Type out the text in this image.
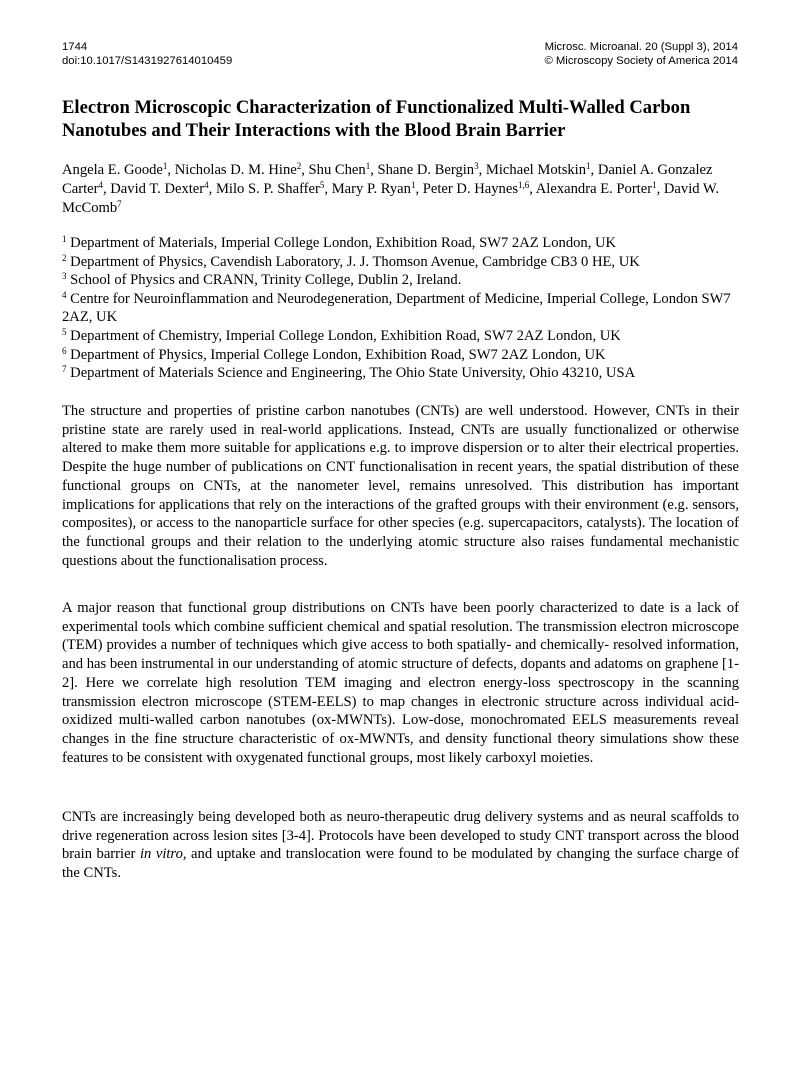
1744
doi:10.1017/S1431927614010459
Microsc. Microanal. 20 (Suppl 3), 2014
© Microscopy Society of America 2014
Electron Microscopic Characterization of Functionalized Multi-Walled Carbon Nanotubes and Their Interactions with the Blood Brain Barrier
Angela E. Goode$^1$, Nicholas D. M. Hine$^2$, Shu Chen$^1$, Shane D. Bergin$^3$, Michael Motskin$^1$, Daniel A. Gonzalez Carter$^4$, David T. Dexter$^4$, Milo S. P. Shaffer$^5$, Mary P. Ryan$^1$, Peter D. Haynes$^{1,6}$, Alexandra E. Porter$^1$, David W. McComb$^7$
$^1$ Department of Materials, Imperial College London, Exhibition Road, SW7 2AZ London, UK
$^2$ Department of Physics, Cavendish Laboratory, J. J. Thomson Avenue, Cambridge CB3 0 HE, UK
$^3$ School of Physics and CRANN, Trinity College, Dublin 2, Ireland.
$^4$ Centre for Neuroinflammation and Neurodegeneration, Department of Medicine, Imperial College, London SW7 2AZ, UK
$^5$ Department of Chemistry, Imperial College London, Exhibition Road, SW7 2AZ London, UK
$^6$ Department of Physics, Imperial College London, Exhibition Road, SW7 2AZ London, UK
$^7$ Department of Materials Science and Engineering, The Ohio State University, Ohio 43210, USA

The structure and properties of pristine carbon nanotubes (CNTs) are well understood. However, CNTs in their pristine state are rarely used in real-world applications. Instead, CNTs are usually functionalized or otherwise altered to make them more suitable for applications e.g. to improve dispersion or to alter their electrical properties. Despite the huge number of publications on CNT functionalisation in recent years, the spatial distribution of these functional groups on CNTs, at the nanometer level, remains unresolved. This distribution has important implications for applications that rely on the interactions of the grafted groups with their environment (e.g. sensors, composites), or access to the nanoparticle surface for other species (e.g. supercapacitors, catalysts). The location of the functional groups and their relation to the underlying atomic structure also raises fundamental mechanistic questions about the functionalisation process.

A major reason that functional group distributions on CNTs have been poorly characterized to date is a lack of experimental tools which combine sufficient chemical and spatial resolution. The transmission electron microscope (TEM) provides a number of techniques which give access to both spatially- and chemically- resolved information, and has been instrumental in our understanding of atomic structure of defects, dopants and adatoms on graphene [1-2]. Here we correlate high resolution TEM imaging and electron energy-loss spectroscopy in the scanning transmission electron microscope (STEM-EELS) to map changes in electronic structure across individual acid-oxidized multi-walled carbon nanotubes (ox-MWNTs). Low-dose, monochromated EELS measurements reveal changes in the fine structure characteristic of ox-MWNTs, and density functional theory simulations show these features to be consistent with oxygenated functional groups, most likely carboxyl moieties.

CNTs are increasingly being developed both as neuro-therapeutic drug delivery systems and as neural scaffolds to drive regeneration across lesion sites [3-4]. Protocols have been developed to study CNT transport across the blood brain barrier in vitro, and uptake and translocation were found to be modulated by changing the surface charge of the CNTs.
